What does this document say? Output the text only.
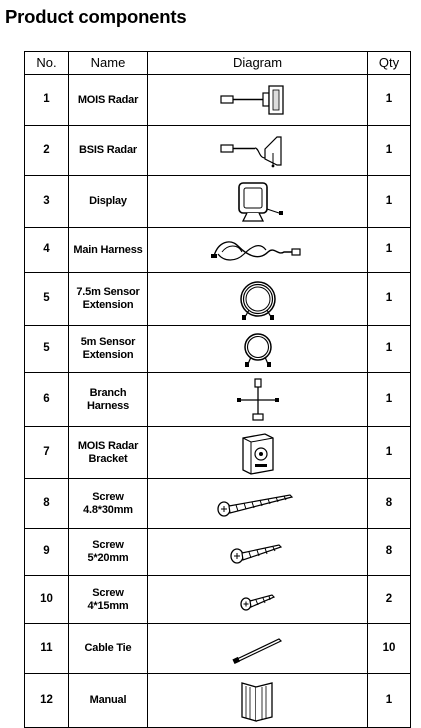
Product components
No.	Name	Diagram	Qty
1	MOIS Radar		1
2	BSIS Radar		1
3	Display		1
4	Main Harness		1
5	7.5m Sensor
Extension		1
5	5m Sensor
Extension		1
6	Branch
Harness		1
7	MOIS Radar
Bracket		1
8	Screw
4.8*30mm		8
9	Screw
5*20mm		8
10	Screw
4*15mm		2
11	Cable Tie		10
12	Manual		1
